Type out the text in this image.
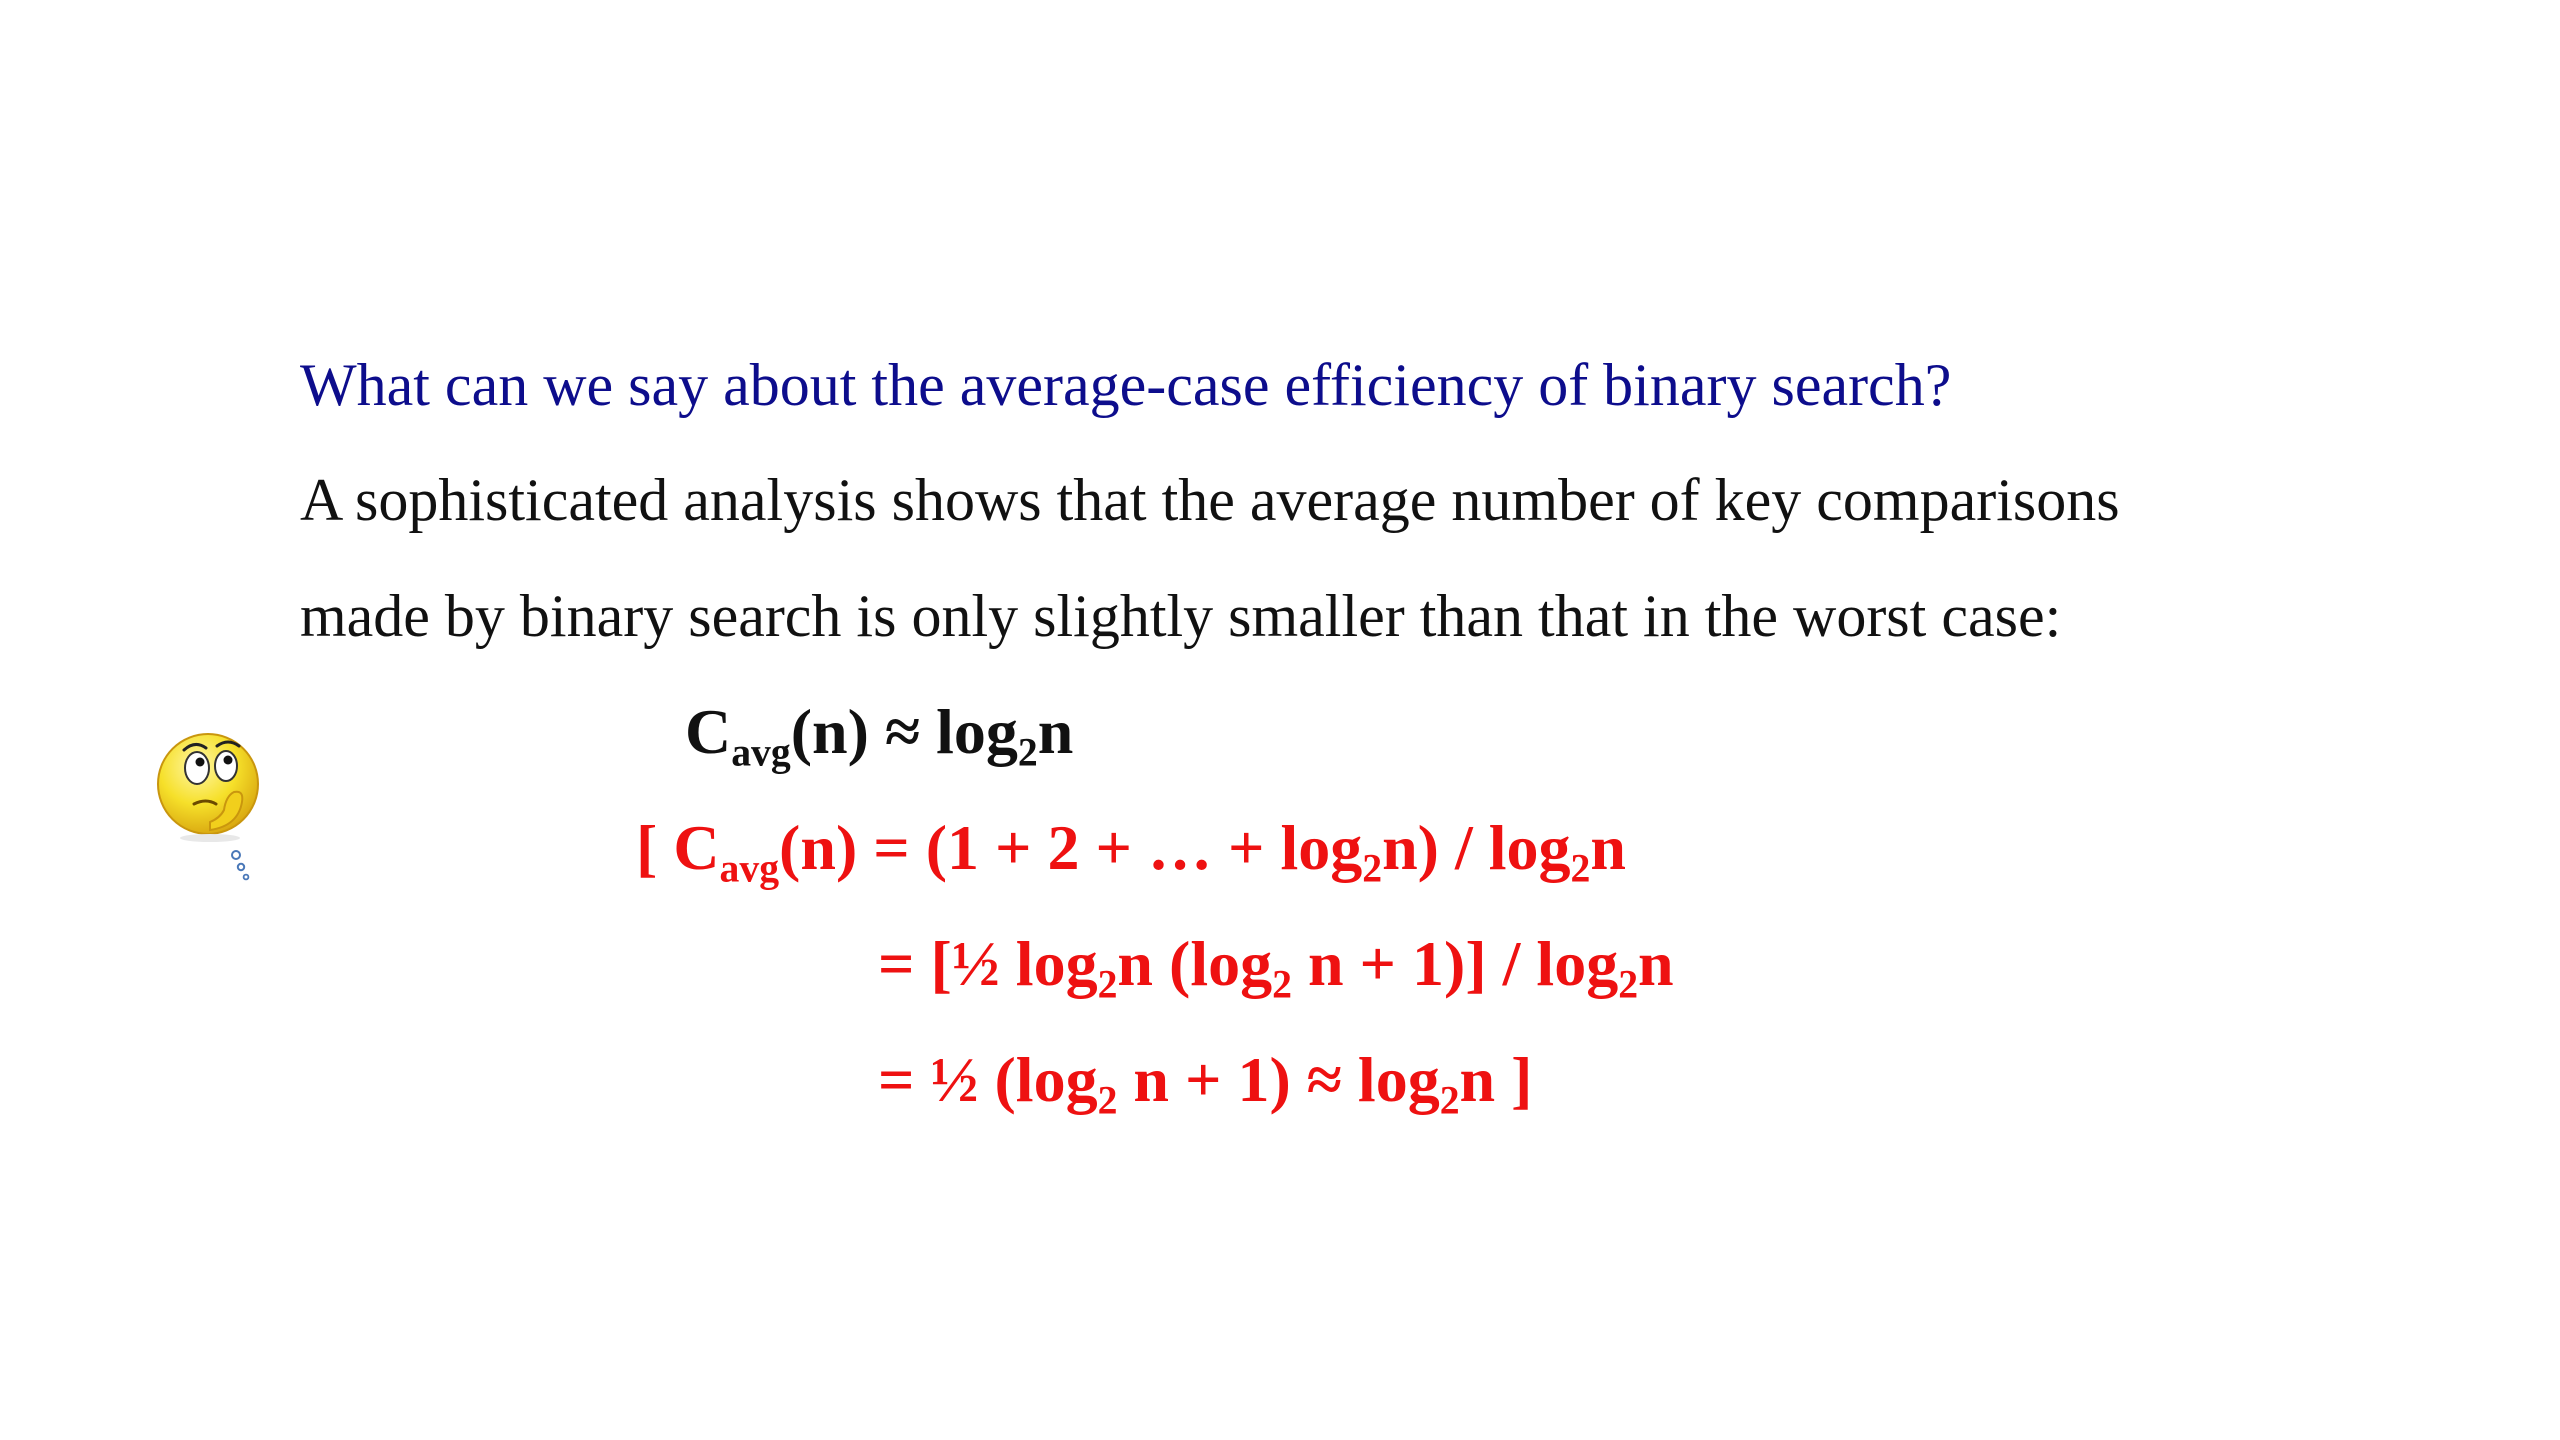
What can we say about the average-case efficiency of binary search?
A sophisticated analysis shows that the average number of key comparisons
made by binary search is only slightly smaller than that in the worst case:
$C_{avg}(n) \approx \log_2n$
[ $C_{avg}(n) = (1 + 2$ + … + $\log_2n) / \log_2n$
= [½ $\log_2n$ ($\log_2$ $n + 1)] / \log_2n$
= ½ ($\log_2$ $n + 1) \approx \log_2n$ ]
